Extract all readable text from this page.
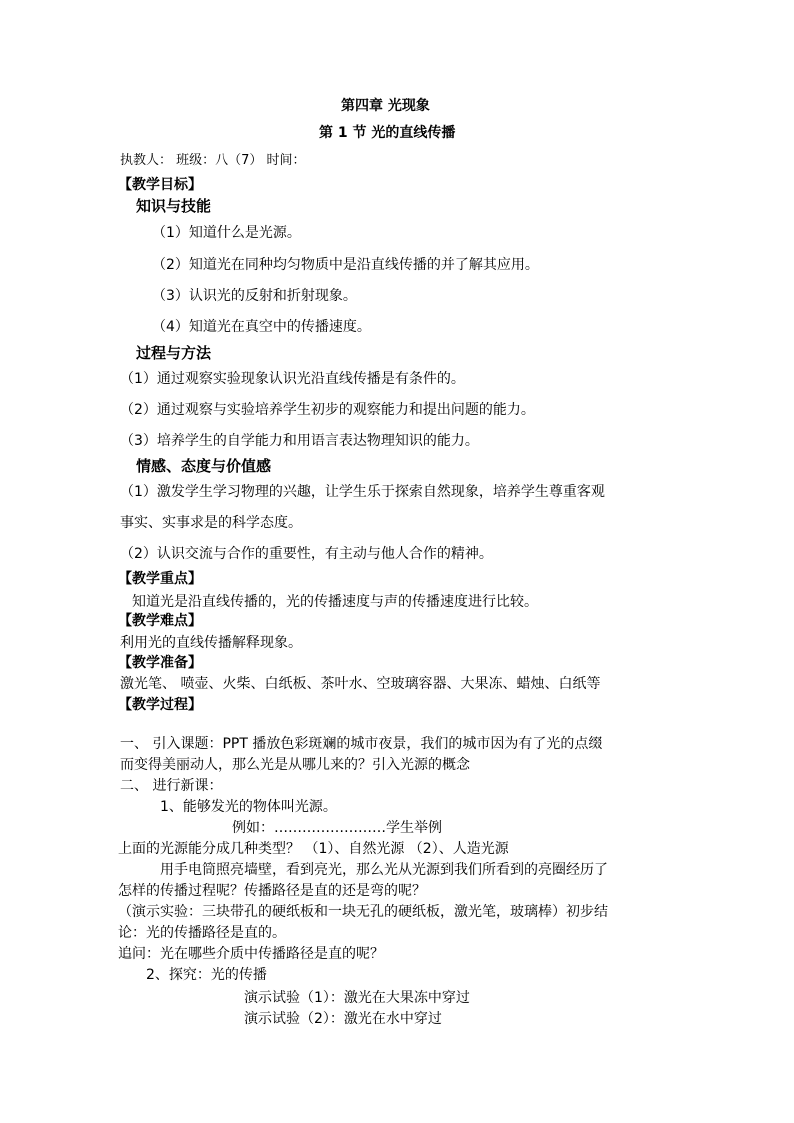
第四章 光现象
第 1 节 光的直线传播
执教人： 班级：八（7） 时间：
【教学目标】
知识与技能
（1）知道什么是光源。
（2）知道光在同种均匀物质中是沿直线传播的并了解其应用。
（3）认识光的反射和折射现象。
（4）知道光在真空中的传播速度。
过程与方法
（1）通过观察实验现象认识光沿直线传播是有条件的。
（2）通过观察与实验培养学生初步的观察能力和提出问题的能力。
（3）培养学生的自学能力和用语言表达物理知识的能力。
情感、态度与价值感
（1）激发学生学习物理的兴趣，让学生乐于探索自然现象，培养学生尊重客观
事实、实事求是的科学态度。
（2）认识交流与合作的重要性，有主动与他人合作的精神。
【教学重点】
知道光是沿直线传播的，光的传播速度与声的传播速度进行比较。
【教学难点】
利用光的直线传播解释现象。
【教学准备】
激光笔、 喷壶、火柴、白纸板、茶叶水、空玻璃容器、大果冻、蜡烛、白纸等
【教学过程】
一、 引入课题：PPT 播放色彩斑斓的城市夜景，我们的城市因为有了光的点缀
而变得美丽动人，那么光是从哪儿来的？引入光源的概念
二、 进行新课：
1、能够发光的物体叫光源。
例如：……………………学生举例
上面的光源能分成几种类型？ （1）、自然光源 （2）、人造光源
用手电筒照亮墙壁，看到亮光，那么光从光源到我们所看到的亮圈经历了
怎样的传播过程呢？传播路径是直的还是弯的呢？
（演示实验：三块带孔的硬纸板和一块无孔的硬纸板，激光笔，玻璃棒）初步结
论：光的传播路径是直的。
追问：光在哪些介质中传播路径是直的呢？
2、探究：光的传播
演示试验（1）：激光在大果冻中穿过
演示试验（2）：激光在水中穿过
